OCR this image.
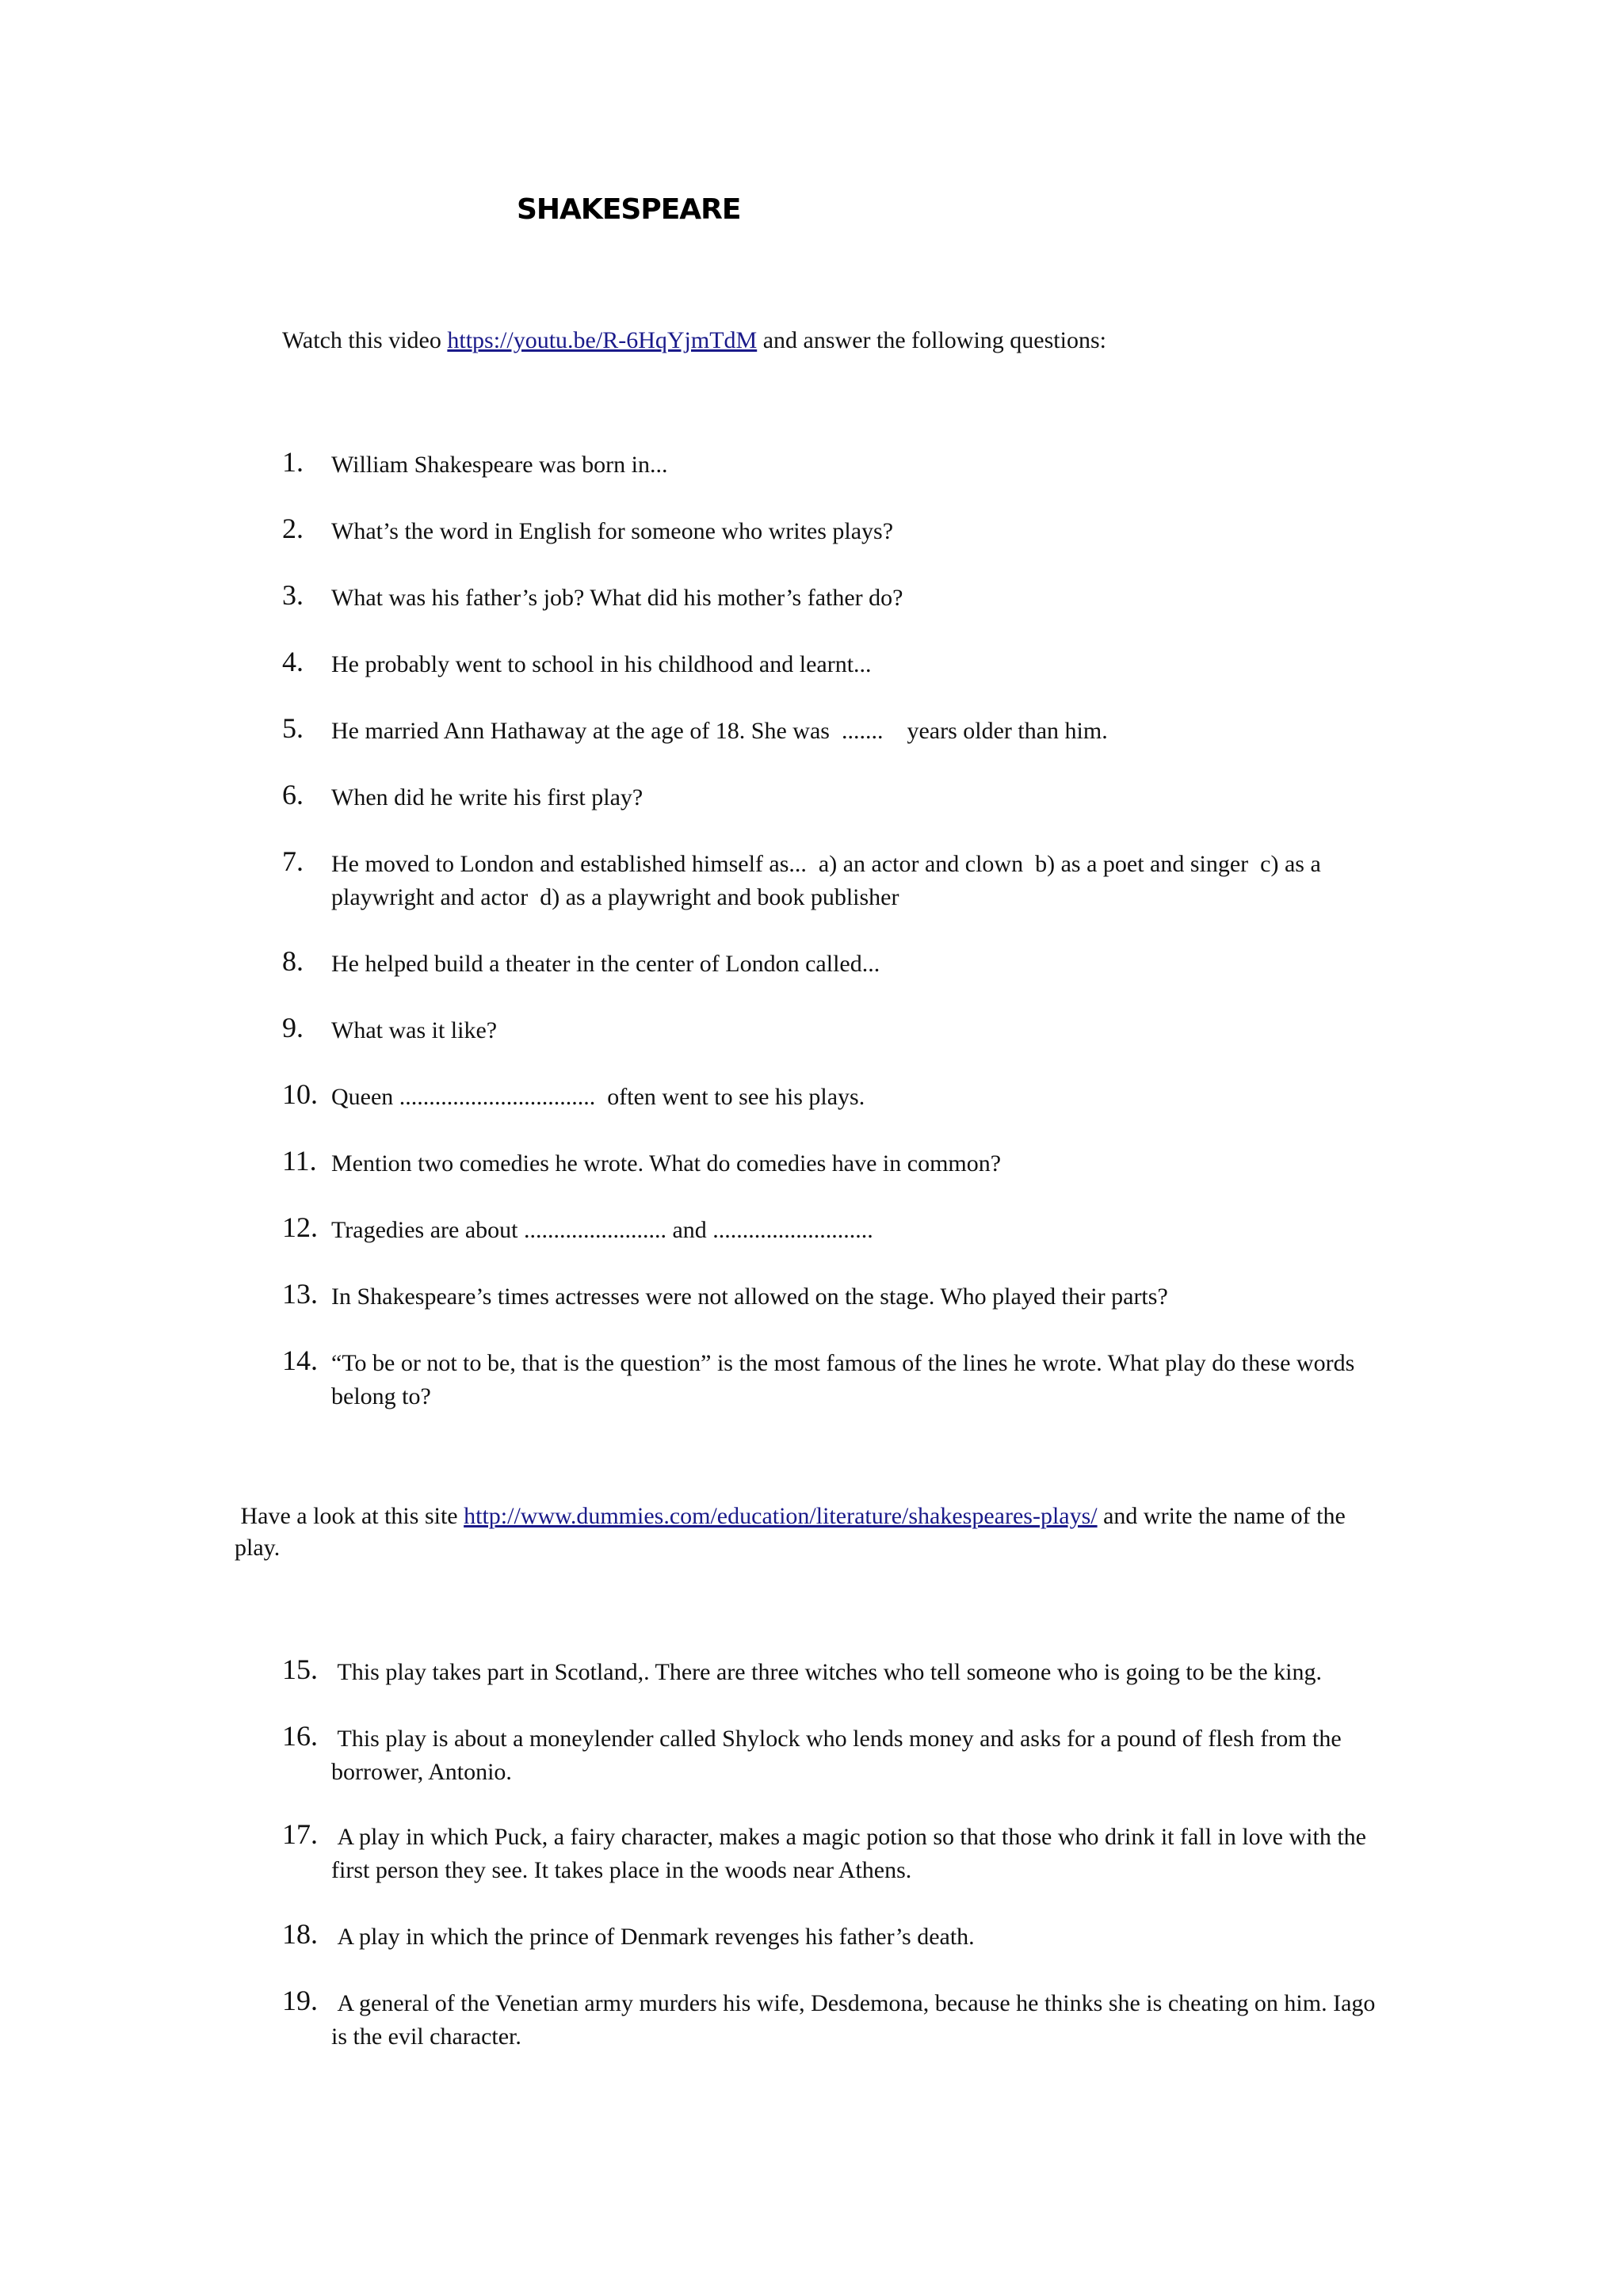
SHAKESPEARE

Watch this video https://youtu.be/R-6HqYjmTdM and answer the following questions:

1. William Shakespeare was born in...
2. What’s the word in English for someone who writes plays?
3. What was his father’s job? What did his mother’s father do?
4. He probably went to school in his childhood and learnt...
5. He married Ann Hathaway at the age of 18. She was  .......    years older than him.
6. When did he write his first play?
7. He moved to London and established himself as...  a) an actor and clown  b) as a poet and singer  c) as a playwright and actor  d) as a playwright and book publisher
8. He helped build a theater in the center of London called...
9. What was it like?
10. Queen .................................  often went to see his plays.
11. Mention two comedies he wrote. What do comedies have in common?
12. Tragedies are about ........................ and ...........................
13. In Shakespeare’s times actresses were not allowed on the stage. Who played their parts?
14. “To be or not to be, that is the question” is the most famous of the lines he wrote. What play do these words belong to?

Have a look at this site http://www.dummies.com/education/literature/shakespeares-plays/ and write the name of the play.

15. This play takes part in Scotland,. There are three witches who tell someone who is going to be the king.
16. This play is about a moneylender called Shylock who lends money and asks for a pound of flesh from the borrower, Antonio.
17. A play in which Puck, a fairy character, makes a magic potion so that those who drink it fall in love with the first person they see. It takes place in the woods near Athens.
18. A play in which the prince of Denmark revenges his father’s death.
19. A general of the Venetian army murders his wife, Desdemona, because he thinks she is cheating on him. Iago is the evil character.
